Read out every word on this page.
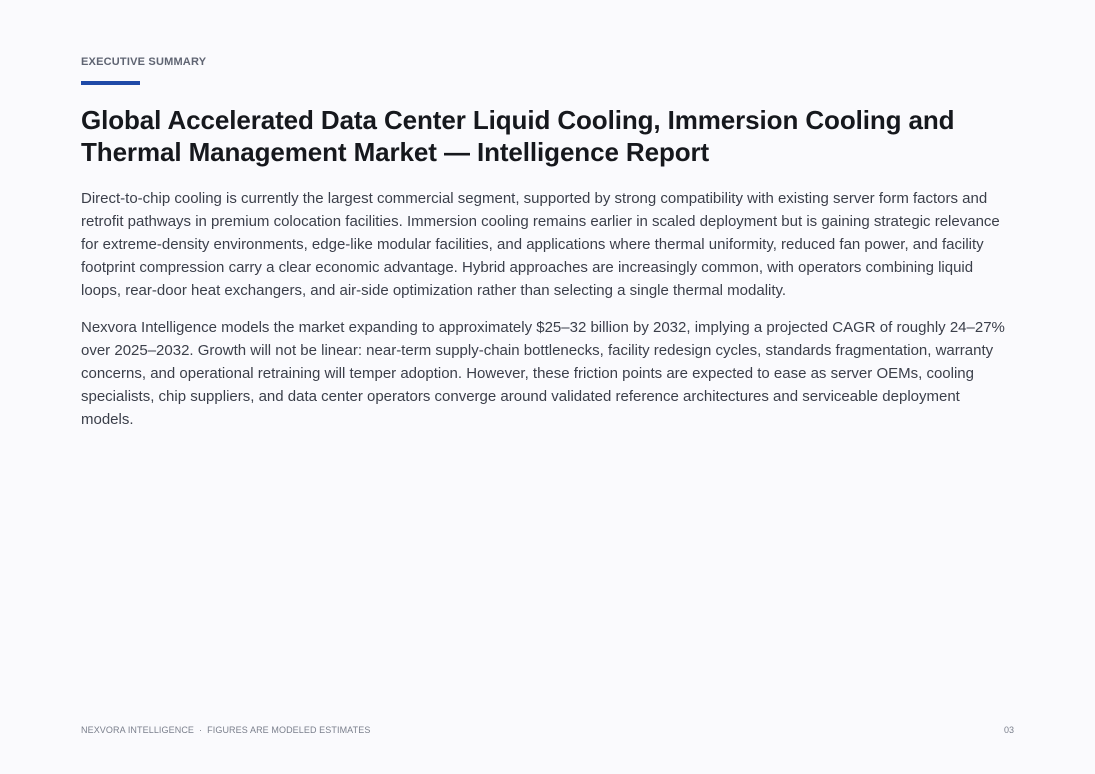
EXECUTIVE SUMMARY
Global Accelerated Data Center Liquid Cooling, Immersion Cooling and Thermal Management Market — Intelligence Report

Direct-to-chip cooling is currently the largest commercial segment, supported by strong compatibility with existing server form factors and retrofit pathways in premium colocation facilities. Immersion cooling remains earlier in scaled deployment but is gaining strategic relevance for extreme-density environments, edge-like modular facilities, and applications where thermal uniformity, reduced fan power, and facility footprint compression carry a clear economic advantage. Hybrid approaches are increasingly common, with operators combining liquid loops, rear-door heat exchangers, and air-side optimization rather than selecting a single thermal modality.

Nexvora Intelligence models the market expanding to approximately $25–32 billion by 2032, implying a projected CAGR of roughly 24–27% over 2025–2032. Growth will not be linear: near-term supply-chain bottlenecks, facility redesign cycles, standards fragmentation, warranty concerns, and operational retraining will temper adoption. However, these friction points are expected to ease as server OEMs, cooling specialists, chip suppliers, and data center operators converge around validated reference architectures and serviceable deployment models.

NEXVORA INTELLIGENCE · FIGURES ARE MODELED ESTIMATES	03
